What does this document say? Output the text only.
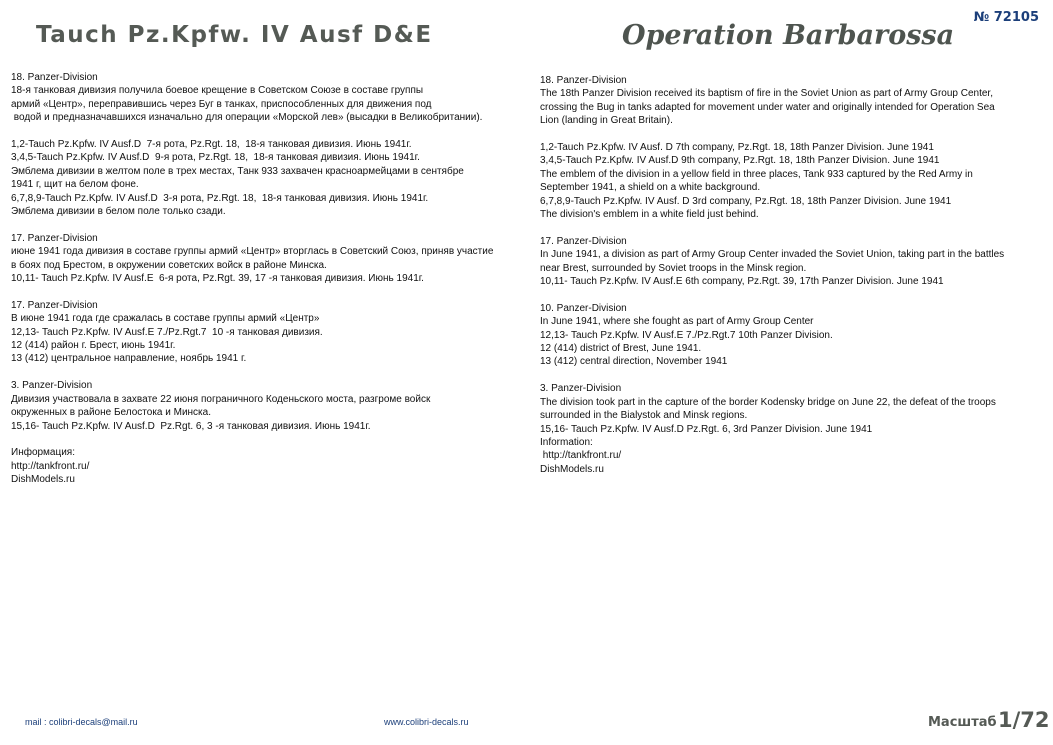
Tauch Pz.Kpfw. IV Ausf D&E	Operation Barbarossa
№ 72105
18. Panzer-Division
18-я танковая дивизия получила боевое крещение в Советском Союзе в составе группы
армий «Центр», переправившись через Буг в танках, приспособленных для движения под
водой и предназначавшихся изначально для операции «Морской лев» (высадки в Великобритании).
1,2-Tauch Pz.Kpfw. IV Ausf.D  7-я рота, Pz.Rgt. 18,  18-я танковая дивизия. Июнь 1941г.
3,4,5-Tauch Pz.Kpfw. IV Ausf.D  9-я рота, Pz.Rgt. 18,  18-я танковая дивизия. Июнь 1941г.
Эмблема дивизии в желтом поле в трех местах, Танк 933 захвачен красноармейцами в сентябре
1941 г, щит на белом фоне.
6,7,8,9-Tauch Pz.Kpfw. IV Ausf.D  3-я рота, Pz.Rgt. 18,  18-я танковая дивизия. Июнь 1941г.
Эмблема дивизии в белом поле только сзади.
17. Panzer-Division
июне 1941 года дивизия в составе группы армий «Центр» вторглась в Советский Союз, приняв участие
в боях под Брестом, в окружении советских войск в районе Минска.
10,11- Tauch Pz.Kpfw. IV Ausf.E  6-я рота, Pz.Rgt. 39, 17 -я танковая дивизия. Июнь 1941г.
17. Panzer-Division
В июне 1941 года где сражалась в составе группы армий «Центр»
12,13- Tauch Pz.Kpfw. IV Ausf.E 7./Pz.Rgt.7  10 -я танковая дивизия.
12 (414) район г. Брест, июнь 1941г.
13 (412) центральное направление, ноябрь 1941 г.
3. Panzer-Division
Дивизия участвовала в захвате 22 июня пограничного Коденьского моста, разгроме войск
окруженных в районе Белостока и Минска.
15,16- Tauch Pz.Kpfw. IV Ausf.D  Pz.Rgt. 6, 3 -я танковая дивизия. Июнь 1941г.
Информация:
http://tankfront.ru/
DishModels.ru
18. Panzer-Division
The 18th Panzer Division received its baptism of fire in the Soviet Union as part of Army Group Center,
crossing the Bug in tanks adapted for movement under water and originally intended for Operation Sea
Lion (landing in Great Britain).
1,2-Tauch Pz.Kpfw. IV Ausf. D 7th company, Pz.Rgt. 18, 18th Panzer Division. June 1941
3,4,5-Tauch Pz.Kpfw. IV Ausf.D 9th company, Pz.Rgt. 18, 18th Panzer Division. June 1941
The emblem of the division in a yellow field in three places, Tank 933 captured by the Red Army in
September 1941, a shield on a white background.
6,7,8,9-Tauch Pz.Kpfw. IV Ausf. D 3rd company, Pz.Rgt. 18, 18th Panzer Division. June 1941
The division's emblem in a white field just behind.
17. Panzer-Division
In June 1941, a division as part of Army Group Center invaded the Soviet Union, taking part in the battles
near Brest, surrounded by Soviet troops in the Minsk region.
10,11- Tauch Pz.Kpfw. IV Ausf.E 6th company, Pz.Rgt. 39, 17th Panzer Division. June 1941
10. Panzer-Division
In June 1941, where she fought as part of Army Group Center
12,13- Tauch Pz.Kpfw. IV Ausf.E 7./Pz.Rgt.7 10th Panzer Division.
12 (414) district of Brest, June 1941.
13 (412) central direction, November 1941
3. Panzer-Division
The division took part in the capture of the border Kodensky bridge on June 22, the defeat of the troops
surrounded in the Bialystok and Minsk regions.
15,16- Tauch Pz.Kpfw. IV Ausf.D Pz.Rgt. 6, 3rd Panzer Division. June 1941
Information:
http://tankfront.ru/
DishModels.ru
mail : colibri-decals@mail.ru	www.colibri-decals.ru	Масштаб 1/72
